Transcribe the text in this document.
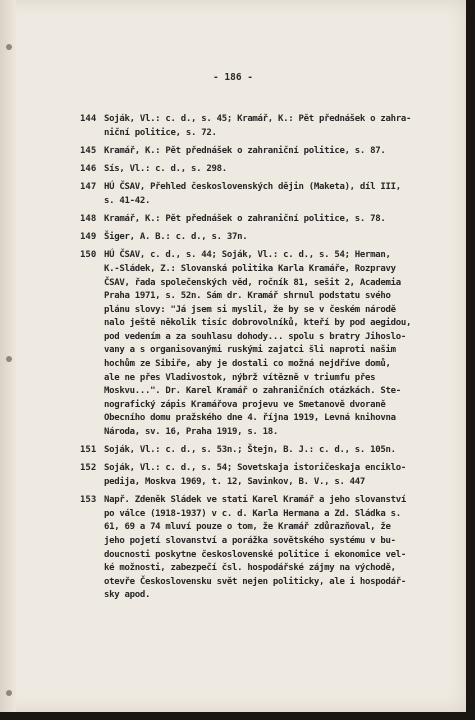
- 186 -
144 Soják, Vl.: c. d., s. 45; Kramář, K.: Pět přednášek o zahra-
niční politice, s. 72.
145 Kramář, K.: Pět přednášek o zahraniční politice, s. 87.
146 Sís, Vl.: c. d., s. 298.
147 HÚ ČSAV, Přehled československých dějin (Maketa), díl III,
s. 41-42.
148 Kramář, K.: Pět přednášek o zahraniční politice, s. 78.
149 Šiger, A. B.: c. d., s. 37n.
150 HÚ ČSAV, c. d., s. 44; Soják, Vl.: c. d., s. 54; Herman,
K.-Sládek, Z.: Slovanská politika Karla Kramáře, Rozpravy
ČSAV, řada společenských věd, ročník 81, sešit 2, Academia
Praha 1971, s. 52n. Sám dr. Kramář shrnul podstatu svého
plánu slovy: "Já jsem si myslil, že by se v českém národě
nalo ještě několik tisíc dobrovolníků, kteří by pod aegidou,
pod vedením a za souhlasu dohody... spolu s bratry Jihoslo-
vany a s organisovanými ruskými zajatci šli naproti našim
hochům ze Sibiře, aby je dostali co možná nejdříve domů,
ale ne přes Vladivostok, nýbrž vítězně v triumfu přes
Moskvu...". Dr. Karel Kramář o zahraničních otázkách. Ste-
nografický zápis Kramářova projevu ve Smetanově dvoraně
Obecního domu pražského dne 4. října 1919, Levná knihovna
Národa, sv. 16, Praha 1919, s. 18.
151 Soják, Vl.: c. d., s. 53n.; Štejn, B. J.: c. d., s. 105n.
152 Soják, Vl.: c. d., s. 54; Sovetskaja istoričeskaja enciklo-
pedija, Moskva 1969, t. 12, Savinkov, B. V., s. 447
153 Např. Zdeněk Sládek ve stati Karel Kramář a jeho slovanství
po válce (1918-1937) v c. d. Karla Hermana a Zd. Sládka s.
61, 69 a 74 mluví pouze o tom, že Kramář zdůrazňoval, že
jeho pojetí slovanství a porážka sovětského systému v bu-
doucnosti poskytne československé politice i ekonomice vel-
ké možnosti, zabezpečí čsl. hospodářské zájmy na východě,
otevře Československu svět nejen politicky, ale i hospodář-
sky apod.
